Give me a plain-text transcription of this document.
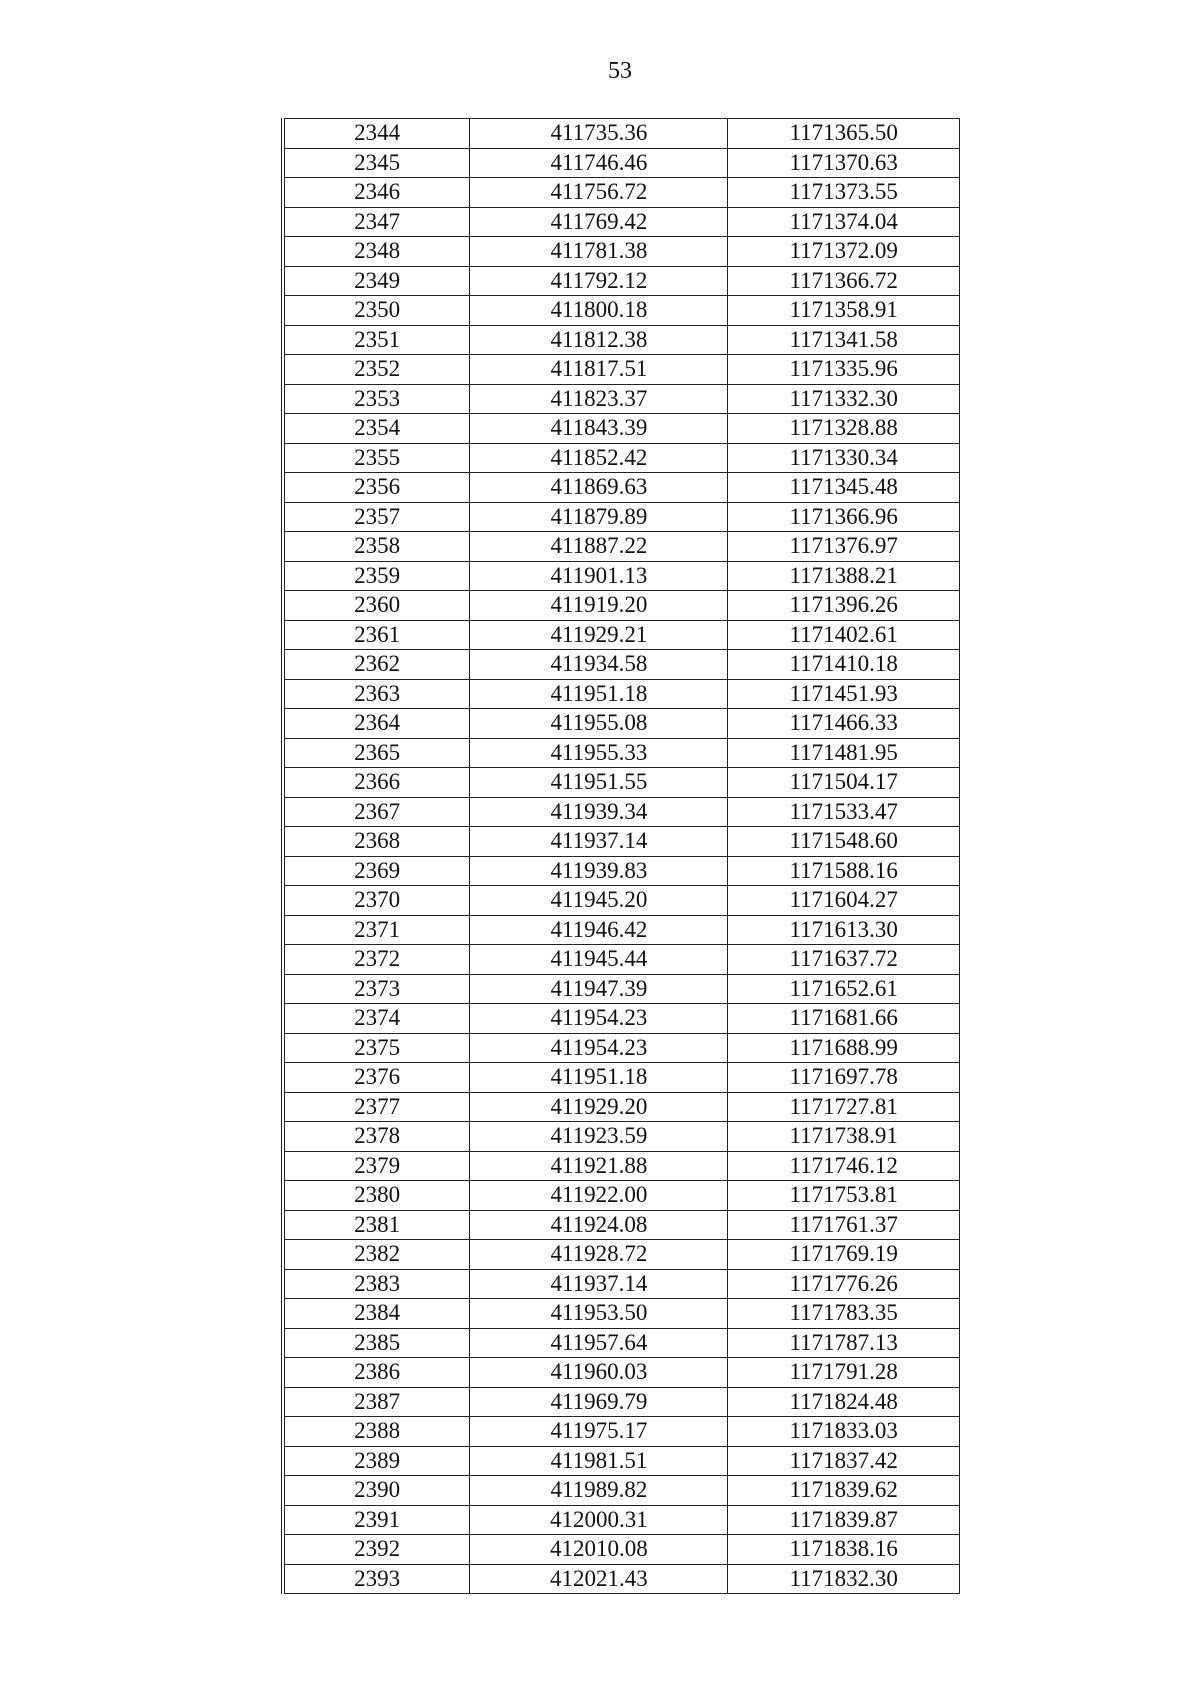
53
2344	411735.36	1171365.50
2345	411746.46	1171370.63
2346	411756.72	1171373.55
2347	411769.42	1171374.04
2348	411781.38	1171372.09
2349	411792.12	1171366.72
2350	411800.18	1171358.91
2351	411812.38	1171341.58
2352	411817.51	1171335.96
2353	411823.37	1171332.30
2354	411843.39	1171328.88
2355	411852.42	1171330.34
2356	411869.63	1171345.48
2357	411879.89	1171366.96
2358	411887.22	1171376.97
2359	411901.13	1171388.21
2360	411919.20	1171396.26
2361	411929.21	1171402.61
2362	411934.58	1171410.18
2363	411951.18	1171451.93
2364	411955.08	1171466.33
2365	411955.33	1171481.95
2366	411951.55	1171504.17
2367	411939.34	1171533.47
2368	411937.14	1171548.60
2369	411939.83	1171588.16
2370	411945.20	1171604.27
2371	411946.42	1171613.30
2372	411945.44	1171637.72
2373	411947.39	1171652.61
2374	411954.23	1171681.66
2375	411954.23	1171688.99
2376	411951.18	1171697.78
2377	411929.20	1171727.81
2378	411923.59	1171738.91
2379	411921.88	1171746.12
2380	411922.00	1171753.81
2381	411924.08	1171761.37
2382	411928.72	1171769.19
2383	411937.14	1171776.26
2384	411953.50	1171783.35
2385	411957.64	1171787.13
2386	411960.03	1171791.28
2387	411969.79	1171824.48
2388	411975.17	1171833.03
2389	411981.51	1171837.42
2390	411989.82	1171839.62
2391	412000.31	1171839.87
2392	412010.08	1171838.16
2393	412021.43	1171832.30
